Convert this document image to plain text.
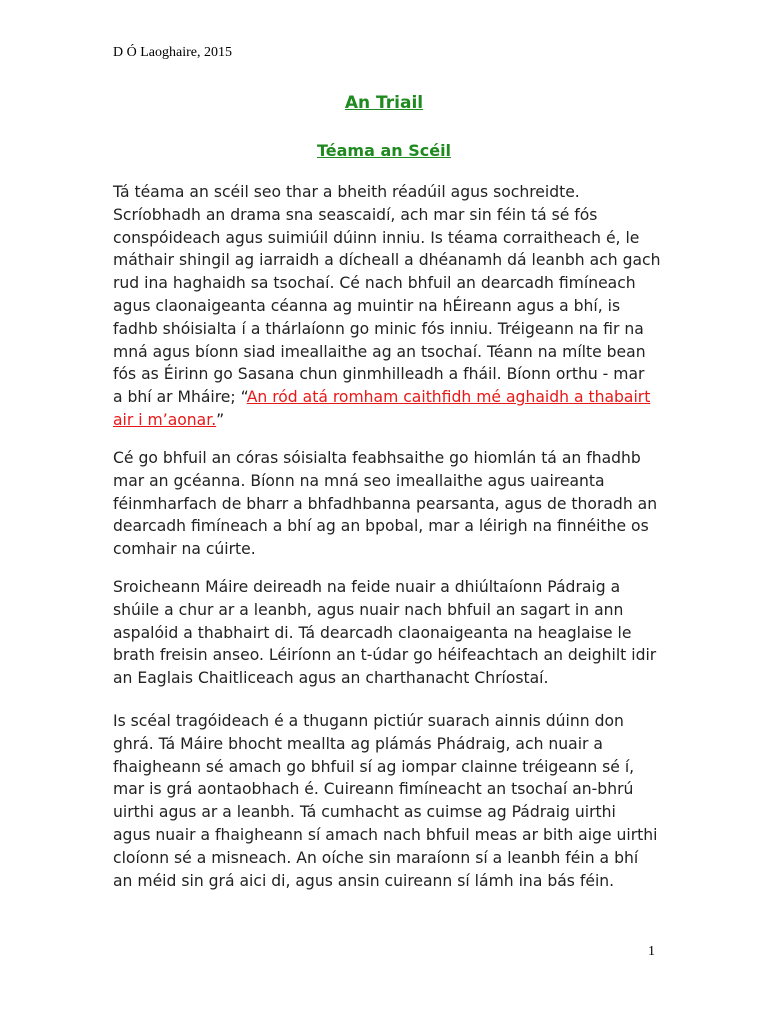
D Ó Laoghaire, 2015
An Triail
Téama an Scéil
Tá téama an scéil seo thar a bheith réadúil agus sochreidte.
Scríobhadh an drama sna seascaidí, ach mar sin féin tá sé fós
conspóideach agus suimiúil dúinn inniu. Is téama corraitheach é, le
máthair shingil ag iarraidh a dícheall a dhéanamh dá leanbh ach gach
rud ina haghaidh sa tsochaí. Cé nach bhfuil an dearcadh fimíneach
agus claonaigeanta céanna ag muintir na hÉireann agus a bhí, is
fadhb shóisialta í a thárlaíonn go minic fós inniu. Tréigeann na fir na
mná agus bíonn siad imeallaithe ag an tsochaí. Téann na mílte bean
fós as Éirinn go Sasana chun ginmhilleadh a fháil. Bíonn orthu - mar
a bhí ar Mháire; “An ród atá romham caithfidh mé aghaidh a thabairt
air i m’aonar.”
Cé go bhfuil an córas sóisialta feabhsaithe go hiomlán tá an fhadhb
mar an gcéanna. Bíonn na mná seo imeallaithe agus uaireanta
féinmharfach de bharr a bhfadhbanna pearsanta, agus de thoradh an
dearcadh fimíneach a bhí ag an bpobal, mar a léirigh na finnéithe os
comhair na cúirte.
Sroicheann Máire deireadh na feide nuair a dhiúltaíonn Pádraig a
shúile a chur ar a leanbh, agus nuair nach bhfuil an sagart in ann
aspalóid a thabhairt di. Tá dearcadh claonaigeanta na heaglaise le
brath freisin anseo. Léiríonn an t-údar go héifeachtach an deighilt idir
an Eaglais Chaitliceach agus an charthanacht Chríostaí.
Is scéal tragóideach é a thugann pictiúr suarach ainnis dúinn don
ghrá. Tá Máire bhocht meallta ag plámás Phádraig, ach nuair a
fhaigheann sé amach go bhfuil sí ag iompar clainne tréigeann sé í,
mar is grá aontaobhach é. Cuireann fimíneacht an tsochaí an-bhrú
uirthi agus ar a leanbh. Tá cumhacht as cuimse ag Pádraig uirthi
agus nuair a fhaigheann sí amach nach bhfuil meas ar bith aige uirthi
cloíonn sé a misneach. An oíche sin maraíonn sí a leanbh féin a bhí
an méid sin grá aici di, agus ansin cuireann sí lámh ina bás féin.
1
